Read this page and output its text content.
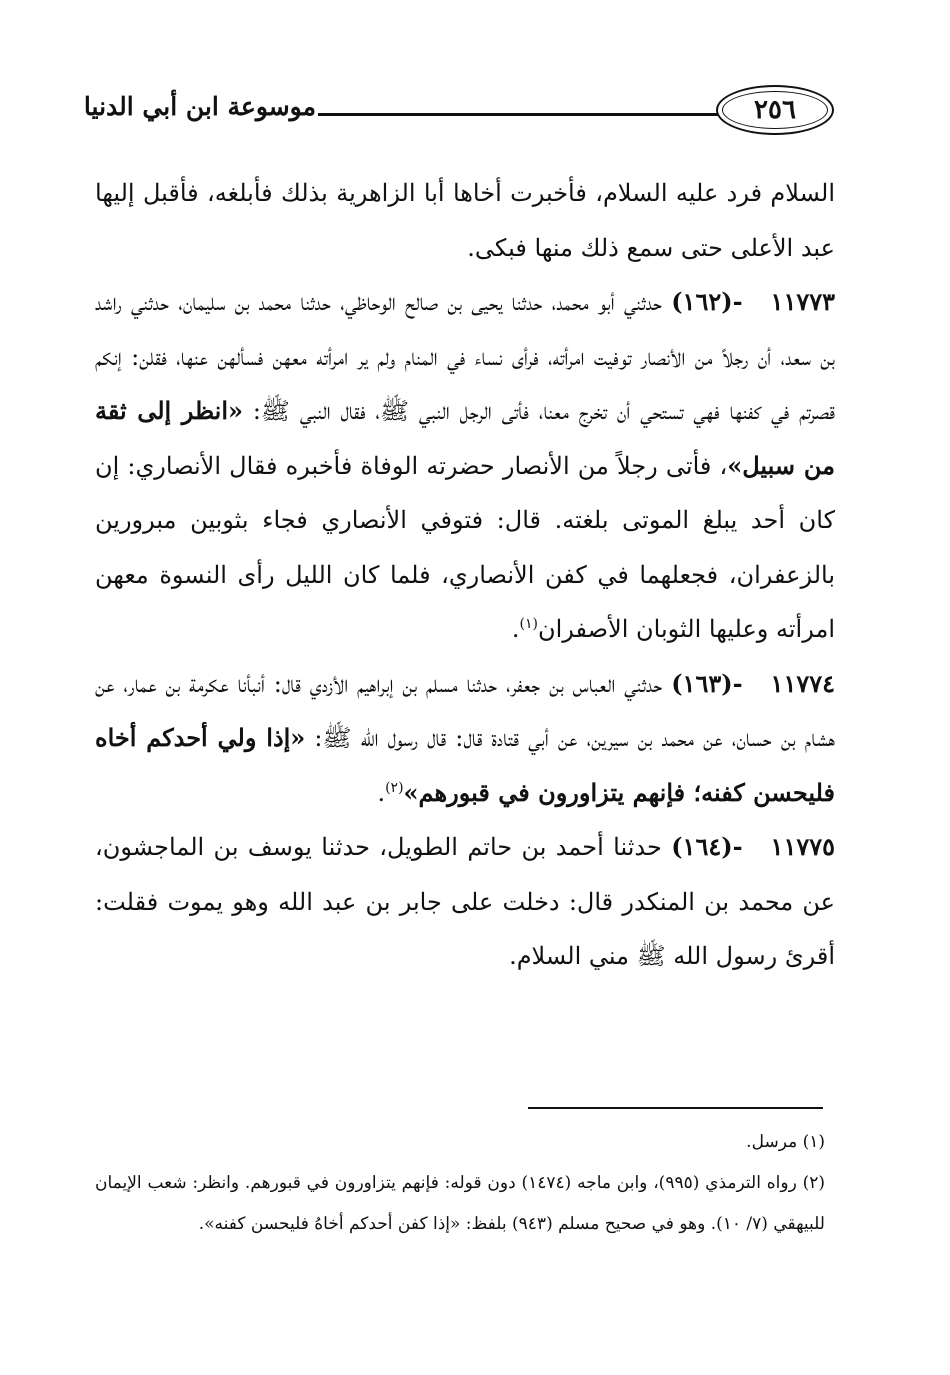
٢٥٦
موسوعة ابن أبي الدنيا

السلام فرد عليه السلام، فأخبرت أخاها أبا الزاهرية بذلك فأبلغه، فأقبل إليها عبد الأعلى حتى سمع ذلك منها فبكى.

١١٧٧٣-(١٦٢) حدثني أبو محمد، حدثنا يحيى بن صالح الوحاظي، حدثنا محمد بن سليمان، حدثني راشد بن سعد، أن رجلاً من الأنصار توفيت امرأته، فرأى نساء في المنام ولم ير امرأته معهن فسألهن عنها، فقلن: إنكم قصرتم في كفنها فهي تستحي أن تخرج معنا، فأتى الرجل النبي ﷺ، فقال النبي ﷺ: «انظر إلى ثقة من سبيل»، فأتى رجلاً من الأنصار حضرته الوفاة فأخبره فقال الأنصاري: إن كان أحد يبلغ الموتى بلغته. قال: فتوفي الأنصاري فجاء بثوبين مبرورين بالزعفران، فجعلهما في كفن الأنصاري، فلما كان الليل رأى النسوة معهن امرأته وعليها الثوبان الأصفران$^{(١)}$.

١١٧٧٤-(١٦٣) حدثني العباس بن جعفر، حدثنا مسلم بن إبراهيم الأزدي قال: أنبأنا عكرمة بن عمار، عن هشام بن حسان، عن محمد بن سيرين، عن أبي قتادة قال: قال رسول الله ﷺ: «إذا ولي أحدكم أخاه فليحسن كفنه؛ فإنهم يتزاورون في قبورهم»$^{(٢)}$.

١١٧٧٥-(١٦٤) حدثنا أحمد بن حاتم الطويل، حدثنا يوسف بن الماجشون، عن محمد بن المنكدر قال: دخلت على جابر بن عبد الله وهو يموت فقلت: أقرئ رسول الله ﷺ مني السلام.

(١) مرسل.

(٢) رواه الترمذي (٩٩٥)، وابن ماجه (١٤٧٤) دون قوله: فإنهم يتزاورون في قبورهم. وانظر: شعب الإيمان للبيهقي (٧/ ١٠). وهو في صحيح مسلم (٩٤٣) بلفظ: «إذا كفن أحدكم أخاهُ فليحسن كفنه».
